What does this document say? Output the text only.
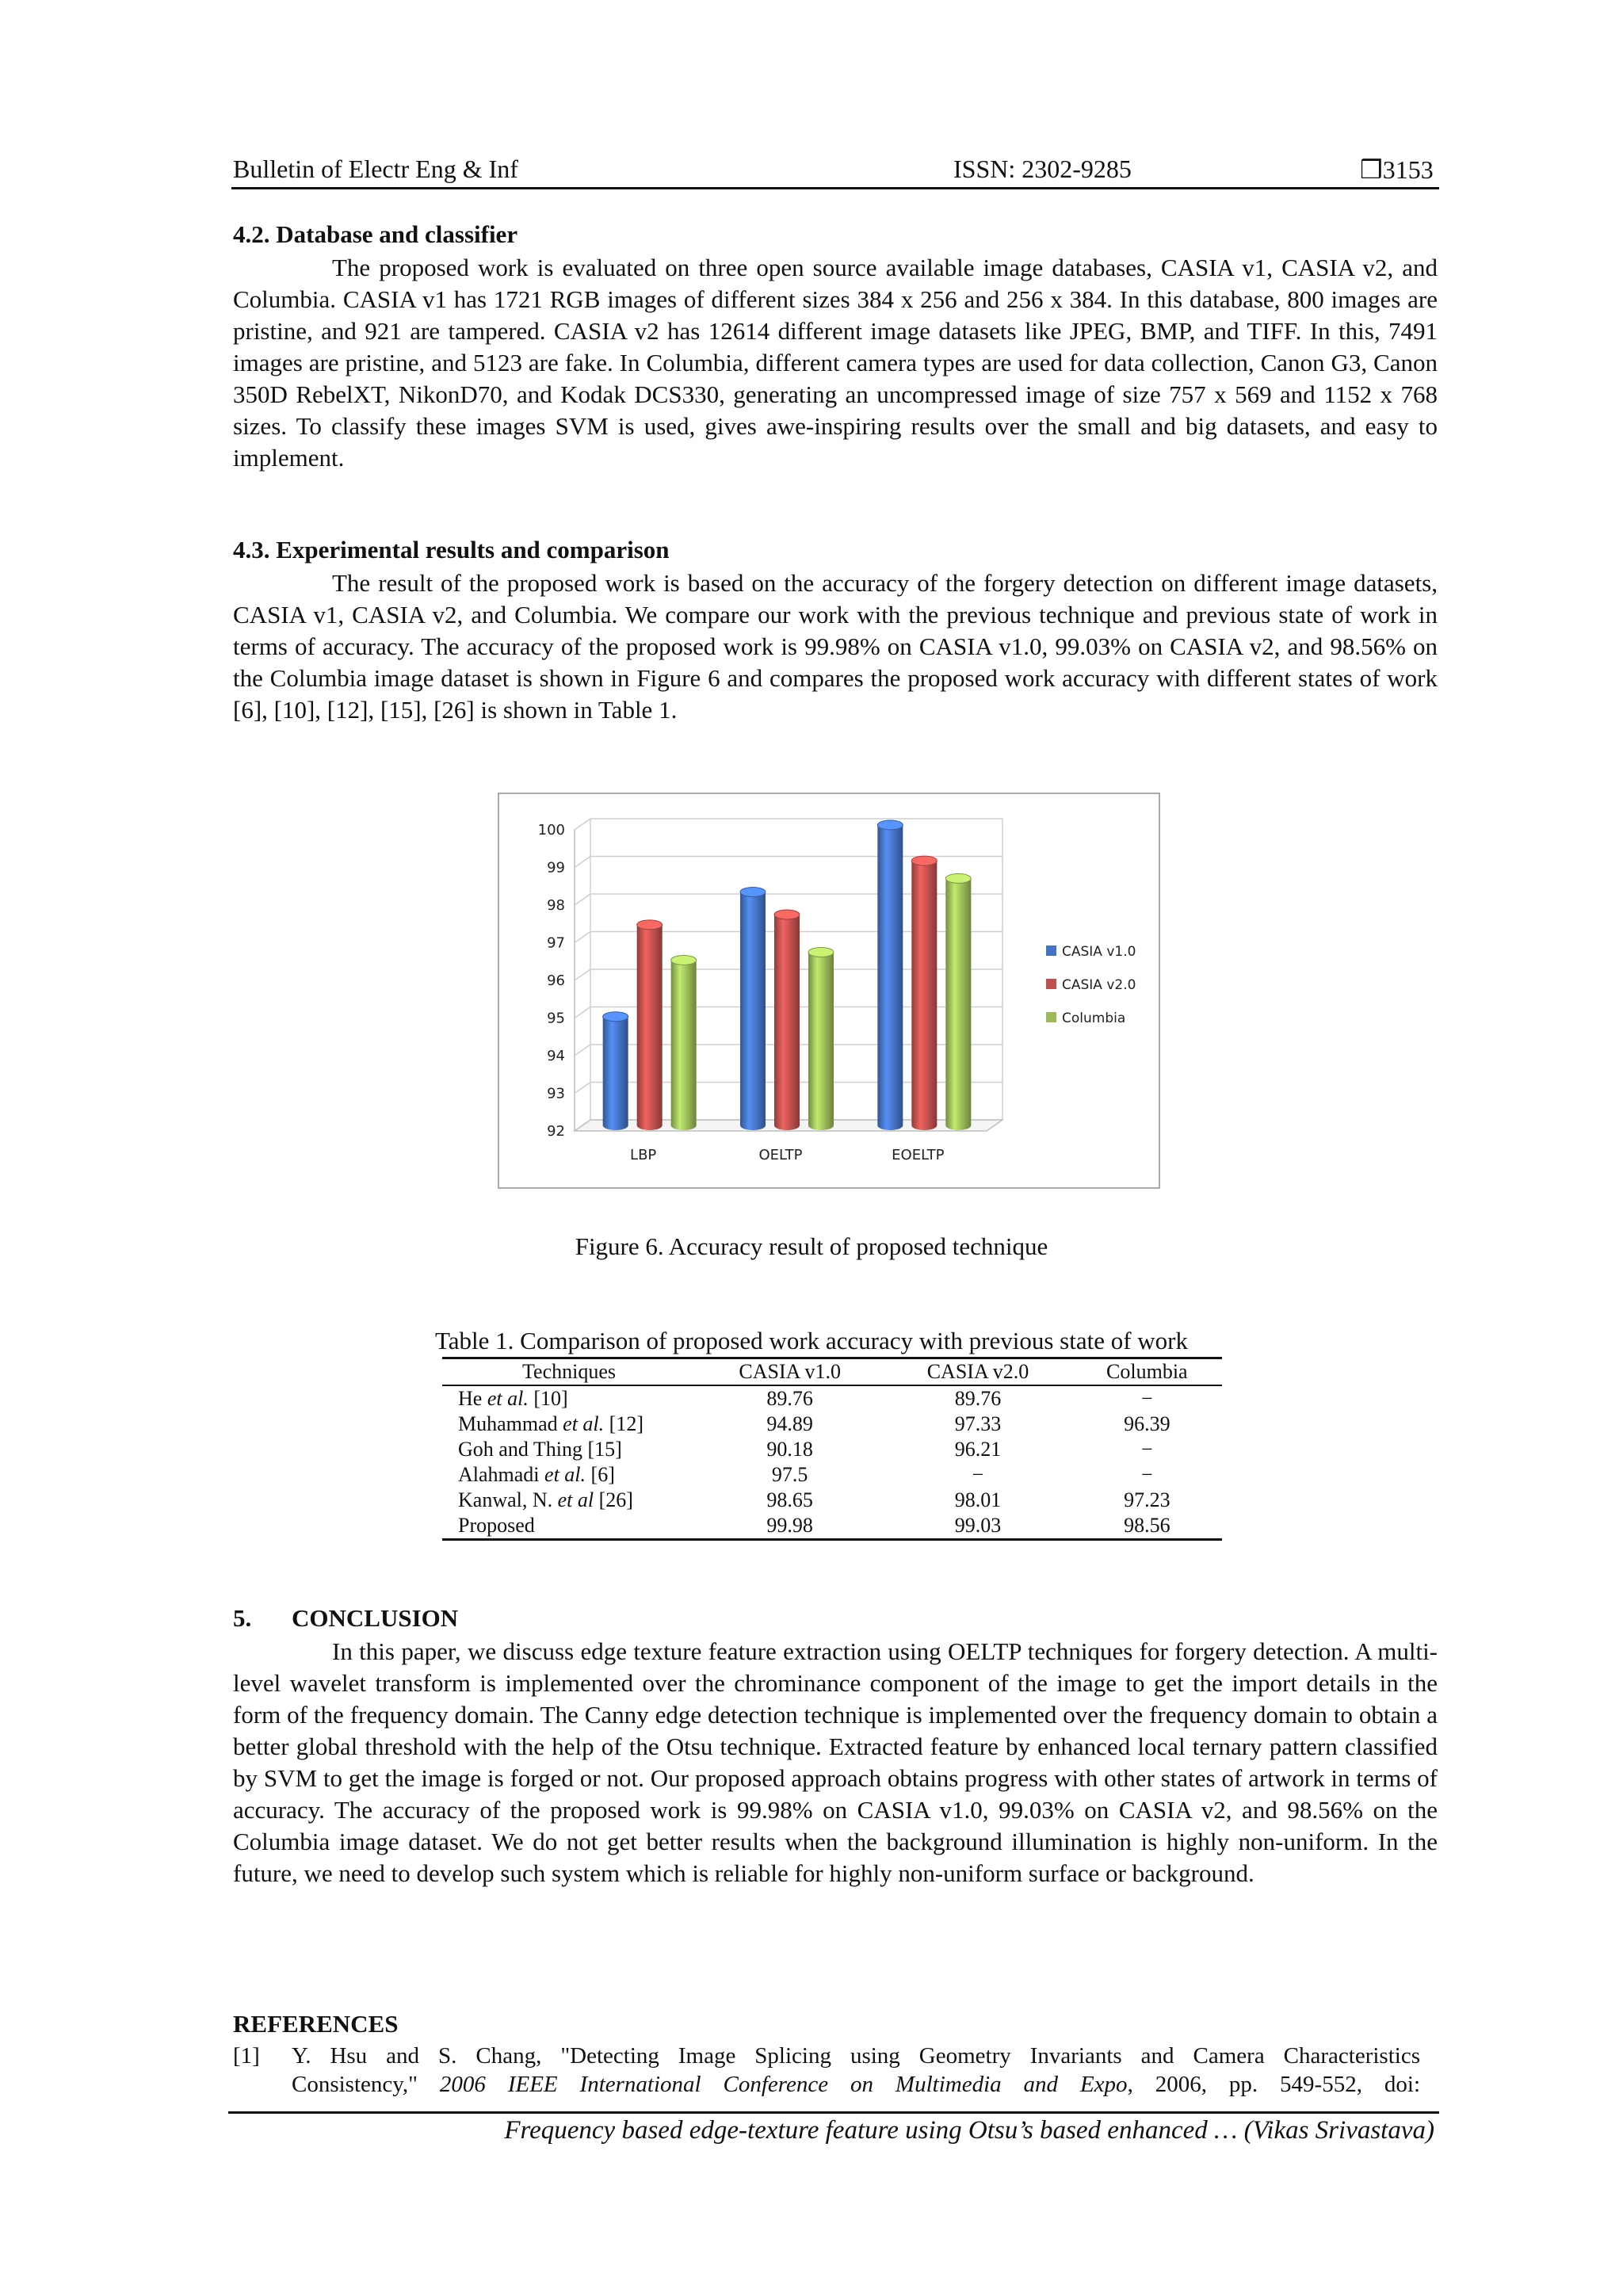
Bulletin of Electr Eng & Inf	ISSN: 2302-9285	❒3153
4.2. Database and classifier
The proposed work is evaluated on three open source available image databases, CASIA v1, CASIA v2, and Columbia. CASIA v1 has 1721 RGB images of different sizes 384 x 256 and 256 x 384. In this database, 800 images are pristine, and 921 are tampered. CASIA v2 has 12614 different image datasets like JPEG, BMP, and TIFF. In this, 7491 images are pristine, and 5123 are fake. In Columbia, different camera types are used for data collection, Canon G3, Canon 350D RebelXT, NikonD70, and Kodak DCS330, generating an uncompressed image of size 757 x 569 and 1152 x 768 sizes. To classify these images SVM is used, gives awe-inspiring results over the small and big datasets, and easy to implement.
4.3. Experimental results and comparison
The result of the proposed work is based on the accuracy of the forgery detection on different image datasets, CASIA v1, CASIA v2, and Columbia. We compare our work with the previous technique and previous state of work in terms of accuracy. The accuracy of the proposed work is 99.98% on CASIA v1.0, 99.03% on CASIA v2, and 98.56% on the Columbia image dataset is shown in Figure 6 and compares the proposed work accuracy with different states of work [6], [10], [12], [15], [26] is shown in Table 1.
92
93
94
95
96
97
98
99
100
LBP	OELTP	EOELTP
CASIA v1.0
CASIA v2.0
Columbia
Figure 6. Accuracy result of proposed technique
Table 1. Comparison of proposed work accuracy with previous state of work
Techniques	CASIA v1.0	CASIA v2.0	Columbia
He et al. [10]	89.76	89.76	−
Muhammad et al. [12]	94.89	97.33	96.39
Goh and Thing [15]	90.18	96.21	−
Alahmadi et al. [6]	97.5	−	−
Kanwal, N. et al [26]	98.65	98.01	97.23
Proposed	99.98	99.03	98.56
5. CONCLUSION
In this paper, we discuss edge texture feature extraction using OELTP techniques for forgery detection. A multi-level wavelet transform is implemented over the chrominance component of the image to get the import details in the form of the frequency domain. The Canny edge detection technique is implemented over the frequency domain to obtain a better global threshold with the help of the Otsu technique. Extracted feature by enhanced local ternary pattern classified by SVM to get the image is forged or not. Our proposed approach obtains progress with other states of artwork in terms of accuracy. The accuracy of the proposed work is 99.98% on CASIA v1.0, 99.03% on CASIA v2, and 98.56% on the Columbia image dataset. We do not get better results when the background illumination is highly non-uniform. In the future, we need to develop such system which is reliable for highly non-uniform surface or background.
REFERENCES
[1] Y. Hsu and S. Chang, "Detecting Image Splicing using Geometry Invariants and Camera Characteristics
Consistency," 2006 IEEE International Conference on Multimedia and Expo, 2006, pp. 549-552, doi:
Frequency based edge-texture feature using Otsu’s based enhanced … (Vikas Srivastava)
